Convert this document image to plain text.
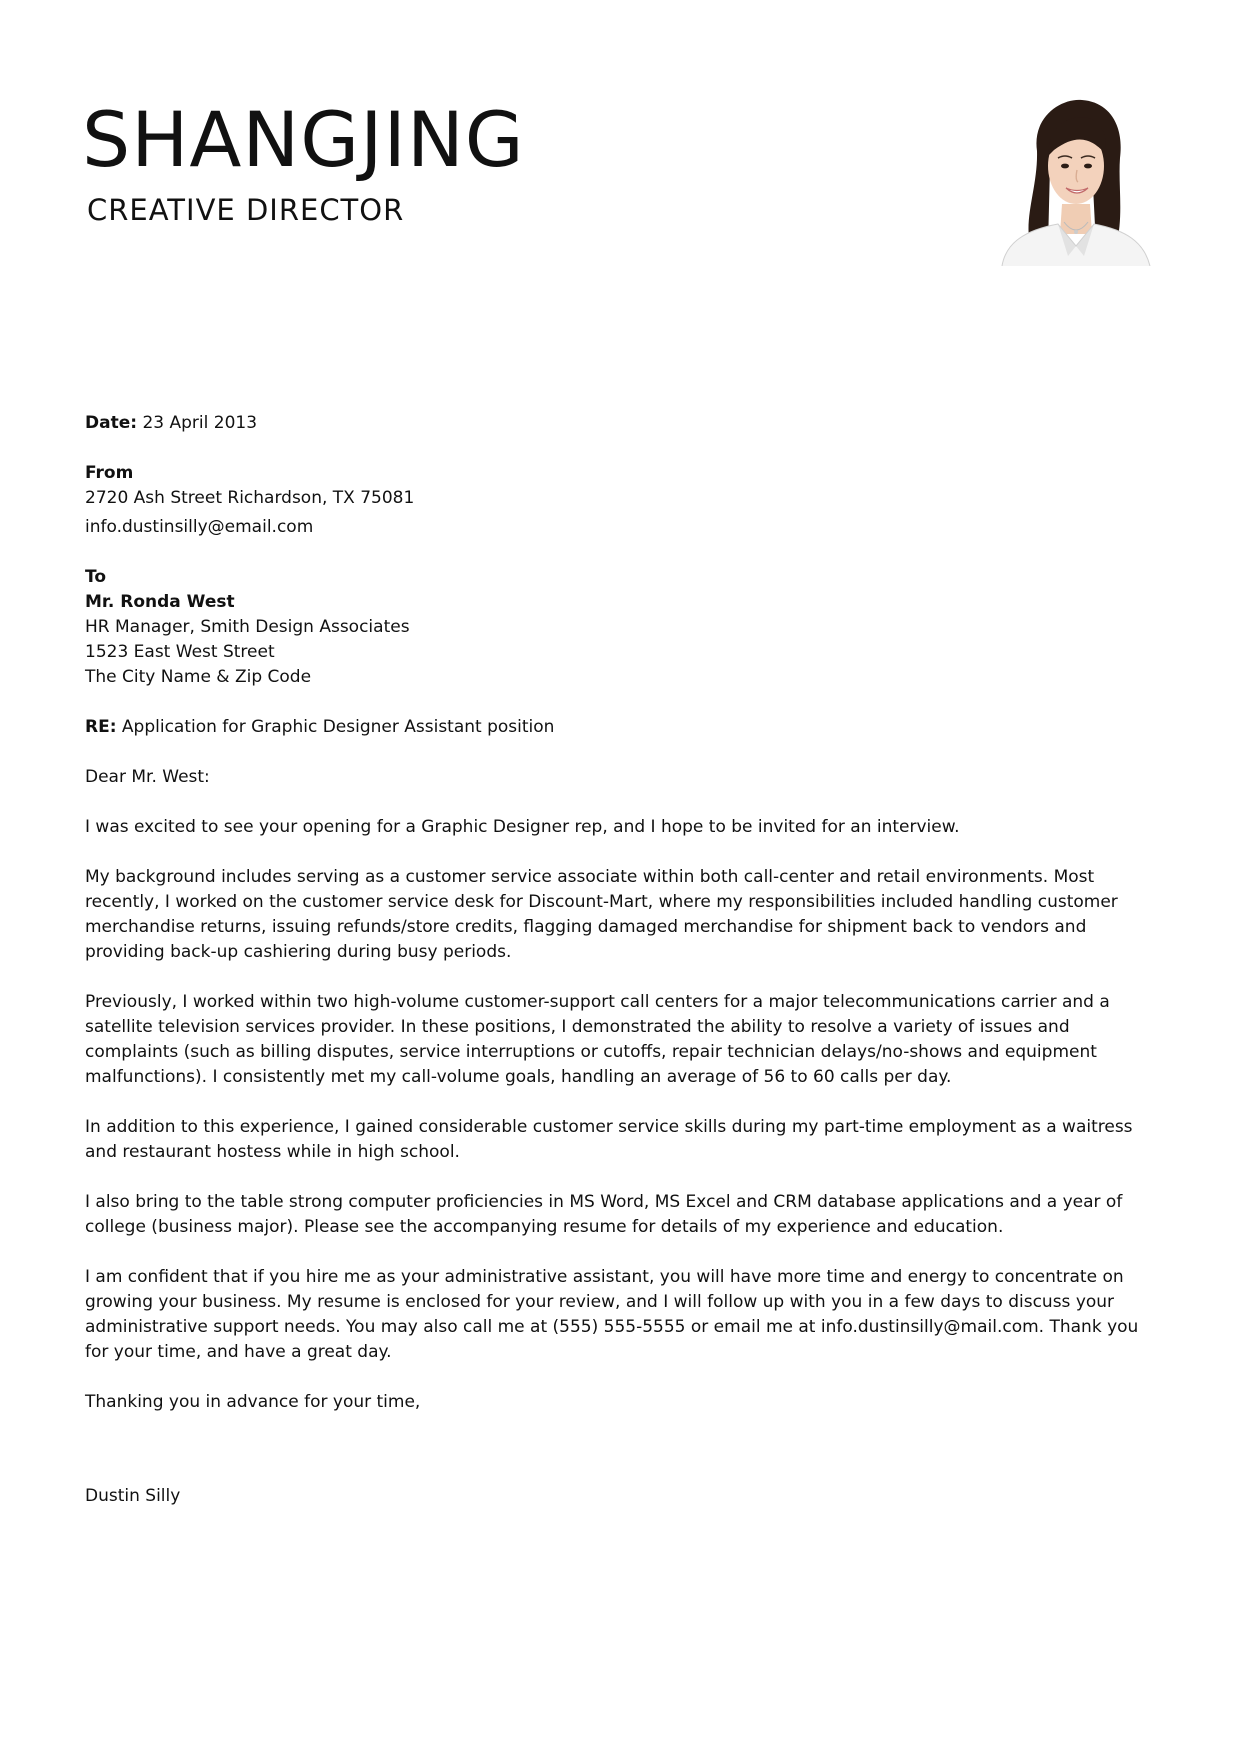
SHANGJING
CREATIVE DIRECTOR

Date: 23 April 2013

From
2720 Ash Street Richardson, TX 75081
info.dustinsilly@email.com
To
Mr. Ronda West
HR Manager, Smith Design Associates
1523 East West Street
The City Name & Zip Code

RE: Application for Graphic Designer Assistant position

Dear Mr. West:

I was excited to see your opening for a Graphic Designer rep, and I hope to be invited for an interview.

My background includes serving as a customer service associate within both call-center and retail environments. Most recently, I worked on the customer service desk for Discount-Mart, where my responsibilities included handling customer merchandise returns, issuing refunds/store credits, flagging damaged merchandise for shipment back to vendors and providing back-up cashiering during busy periods.

Previously, I worked within two high-volume customer-support call centers for a major telecommunications carrier and a satellite television services provider. In these positions, I demonstrated the ability to resolve a variety of issues and complaints (such as billing disputes, service interruptions or cutoffs, repair technician delays/no-shows and equipment malfunctions). I consistently met my call-volume goals, handling an average of 56 to 60 calls per day.

In addition to this experience, I gained considerable customer service skills during my part-time employment as a waitress and restaurant hostess while in high school.

I also bring to the table strong computer proficiencies in MS Word, MS Excel and CRM database applications and a year of college (business major). Please see the accompanying resume for details of my experience and education.

I am confident that if you hire me as your administrative assistant, you will have more time and energy to concentrate on growing your business. My resume is enclosed for your review, and I will follow up with you in a few days to discuss your administrative support needs. You may also call me at (555) 555-5555 or email me at info.dustinsilly@mail.com. Thank you for your time, and have a great day.

Thanking you in advance for your time,

Dustin Silly
